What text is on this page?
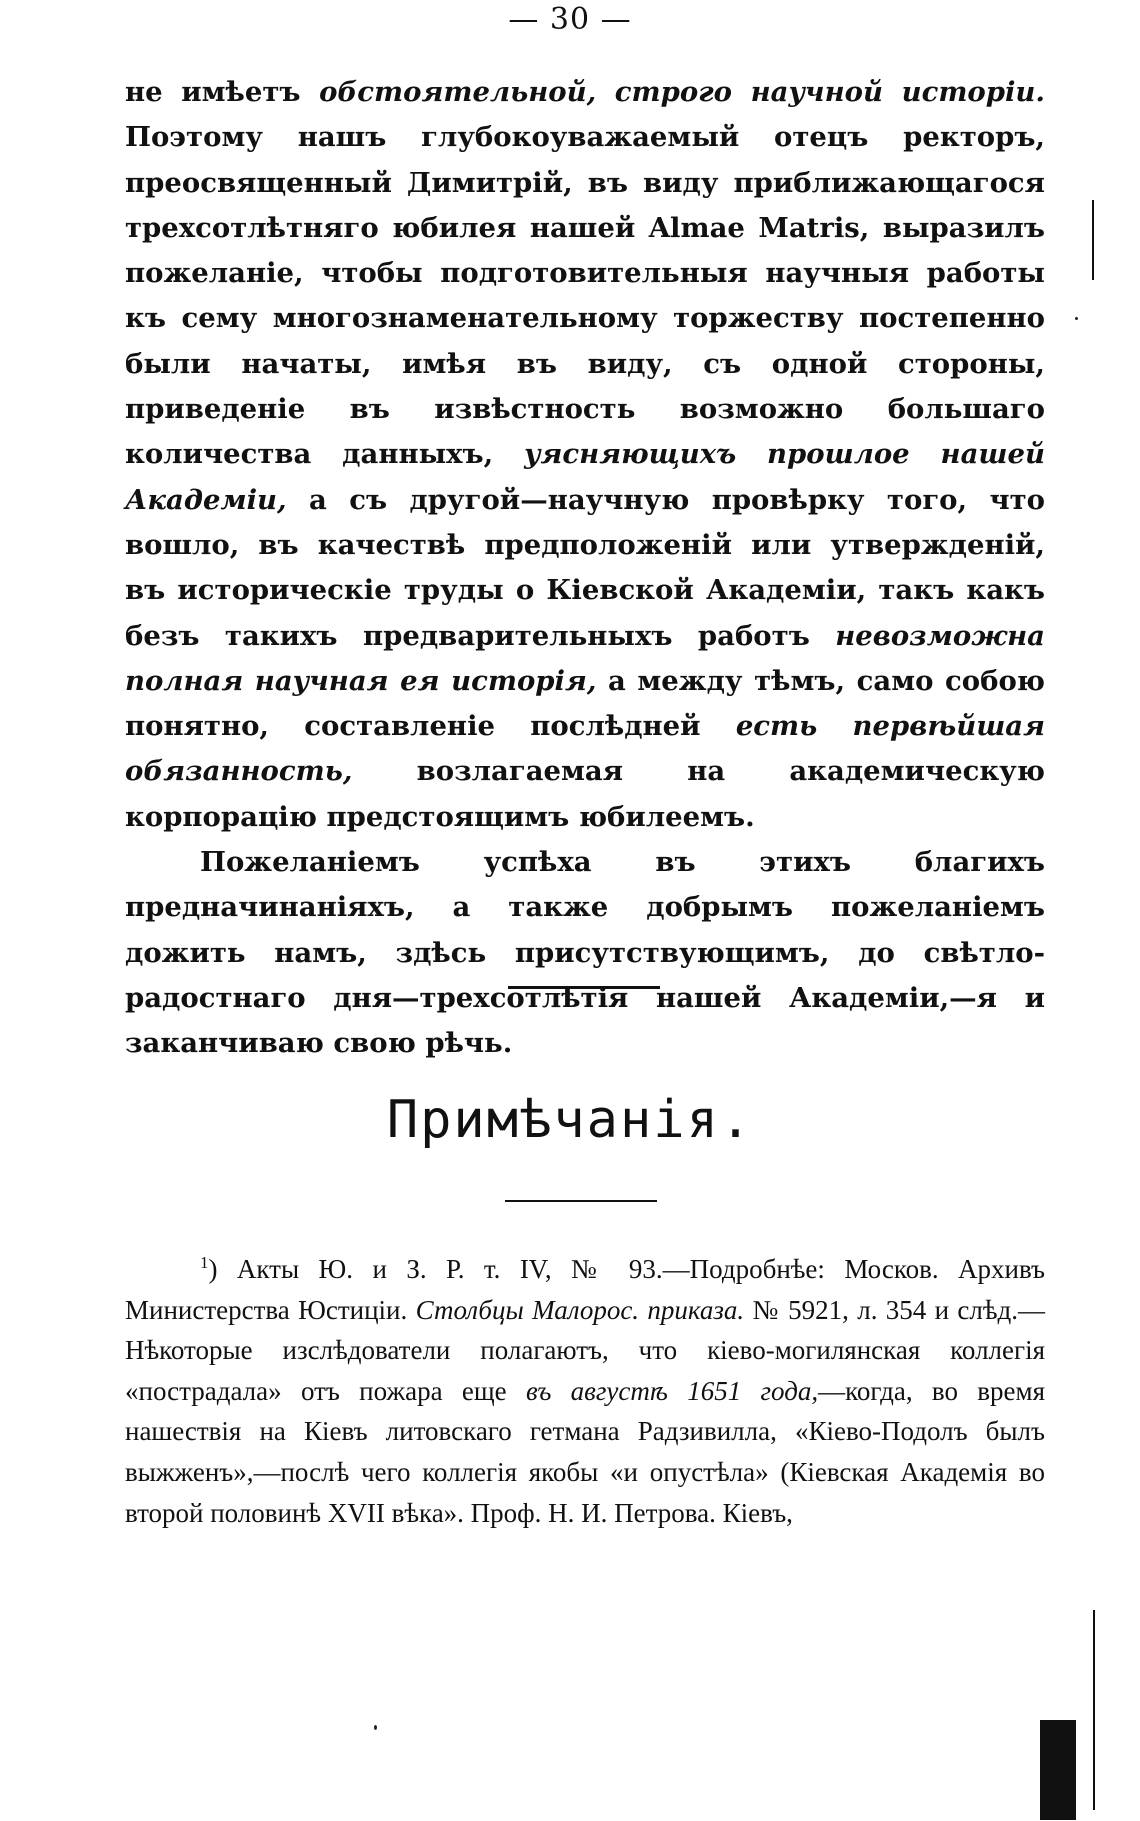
— 30 —

не имѣетъ обстоятельной, строго научной исторіи. Поэтому нашъ глубокоуважаемый отецъ ректоръ, преосвященный Димитрій, въ виду приближающагося трехсотлѣтняго юбилея нашей Almae Matris, выразилъ пожеланіе, чтобы подготовительныя научныя работы къ сему многознаменательному торжеству постепенно были начаты, имѣя въ виду, съ одной стороны, приведеніе въ извѣстность возможно большаго количества данныхъ, уясняющихъ прошлое нашей Академіи, а съ другой—научную провѣрку того, что вошло, въ качествѣ предположеній или утвержденій, въ историческіе труды о Кіевской Академіи, такъ какъ безъ такихъ предварительныхъ работъ невозможна полная научная ея исторія, а между тѣмъ, само собою понятно, составленіе послѣдней есть первѣйшая обязанность, возлагаемая на академическую корпорацію предстоящимъ юбилеемъ.

Пожеланіемъ успѣха въ этихъ благихъ предначинаніяхъ, а также добрымъ пожеланіемъ дожить намъ, здѣсь присутствующимъ, до свѣтло-радостнаго дня—трехсотлѣтія нашей Академіи,—я и заканчиваю свою рѣчь.

Примѣчанія.

$^1$) Акты Ю. и З. Р. т. IV, № 93.—Подробнѣе: Москов. Архивъ Министерства Юстиціи. Столбцы Малорос. приказа. № 5921, л. 354 и слѣд.—Нѣкоторые изслѣдователи полагаютъ, что кіево-могилянская коллегія «пострадала» отъ пожара еще въ августѣ 1651 года,—когда, во время нашествія на Кіевъ литовскаго гетмана Радзивилла, «Кіево-Подолъ былъ выжженъ»,—послѣ чего коллегія якобы «и опустѣла» (Кіевская Академія во второй половинѣ XVII вѣка». Проф. Н. И. Петрова. Кіевъ,
